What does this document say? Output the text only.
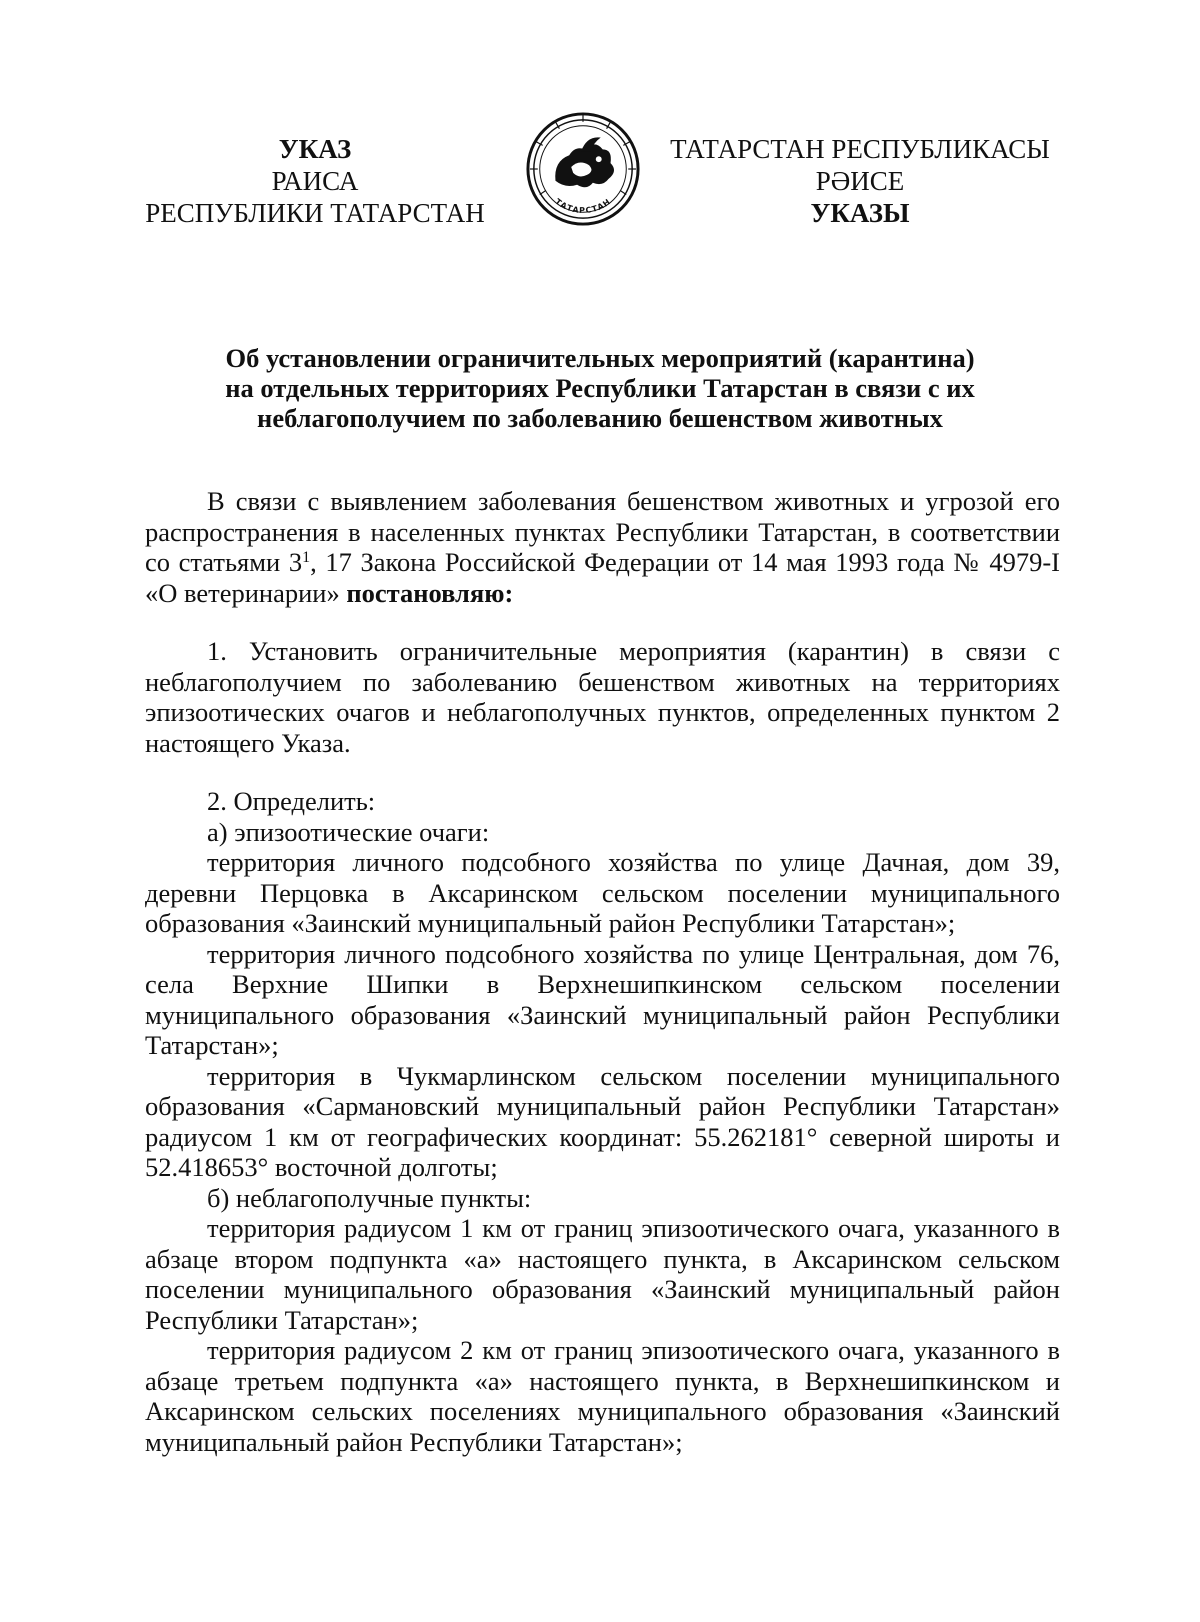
УКАЗ
РАИСА
РЕСПУБЛИКИ ТАТАРСТАН	ТАТАРСТАН
ТАТАРСТАН РЕСПУБЛИКАСЫ
РӘИСЕ
УКАЗЫ
Об установлении ограничительных мероприятий (карантина)
на отдельных территориях Республики Татарстан в связи с их
неблагополучием по заболеванию бешенством животных

В связи с выявлением заболевания бешенством животных и угрозой его распространения в населенных пунктах Республики Татарстан, в соответствии со статьями $3^1$, 17 Закона Российской Федерации от 14 мая 1993 года № 4979-I «О ветеринарии» постановляю:

1. Установить ограничительные мероприятия (карантин) в связи с неблагополучием по заболеванию бешенством животных на территориях эпизоотических очагов и неблагополучных пунктов, определенных пунктом 2 настоящего Указа.

2. Определить:

а) эпизоотические очаги:

территория личного подсобного хозяйства по улице Дачная, дом 39, деревни Перцовка в Аксаринском сельском поселении муниципального образования «Заинский муниципальный район Республики Татарстан»;

территория личного подсобного хозяйства по улице Центральная, дом 76, села Верхние Шипки в Верхнешипкинском сельском поселении муниципального образования «Заинский муниципальный район Республики Татарстан»;

территория в Чукмарлинском сельском поселении муниципального образования «Сармановский муниципальный район Республики Татарстан» радиусом 1 км от географических координат: 55.262181° северной широты и 52.418653° восточной долготы;

б) неблагополучные пункты:

территория радиусом 1 км от границ эпизоотического очага, указанного в абзаце втором подпункта «а» настоящего пункта, в Аксаринском сельском поселении муниципального образования «Заинский муниципальный район Республики Татарстан»;

территория радиусом 2 км от границ эпизоотического очага, указанного в абзаце третьем подпункта «а» настоящего пункта, в Верхнешипкинском и Аксаринском сельских поселениях муниципального образования «Заинский муниципальный район Республики Татарстан»;
